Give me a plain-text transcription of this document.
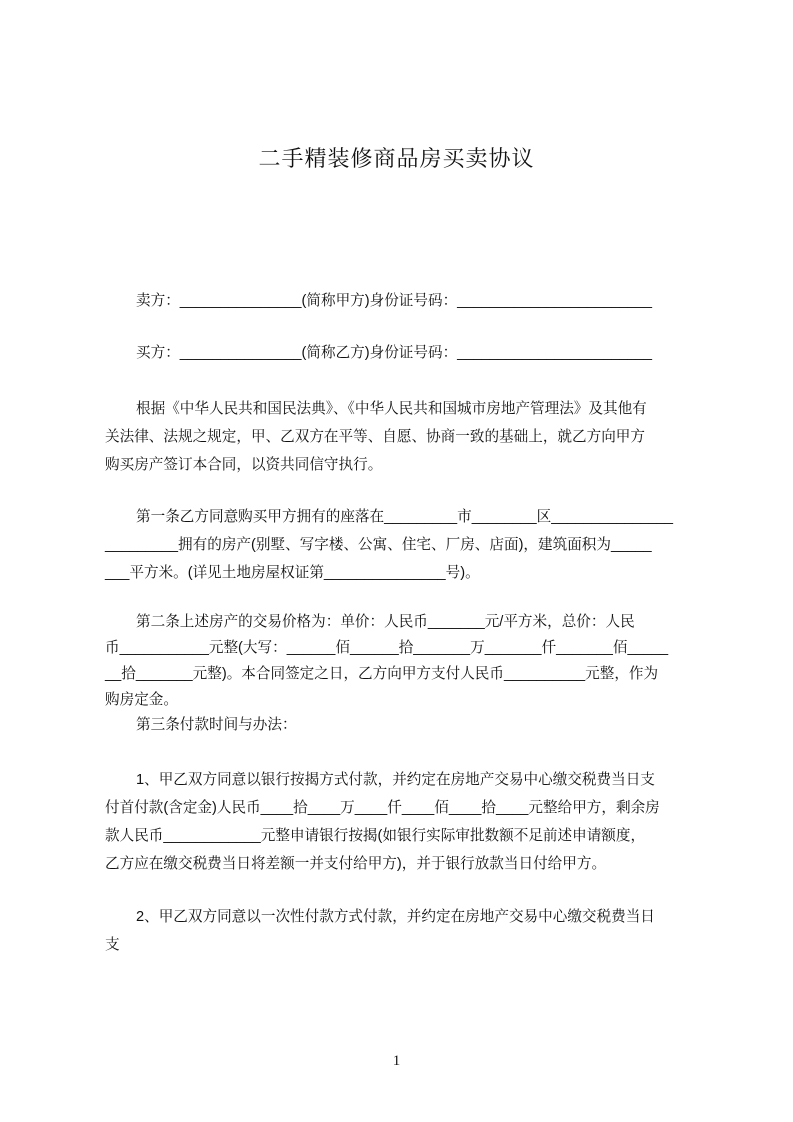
二手精装修商品房买卖协议
卖方：_______________(简称甲方)身份证号码：________________________
买方：_______________(简称乙方)身份证号码：________________________
根据《中华人民共和国民法典》、《中华人民共和国城市房地产管理法》及其他有
关法律、法规之规定，甲、乙双方在平等、自愿、协商一致的基础上，就乙方向甲方
购买房产签订本合同，以资共同信守执行。
第一条乙方同意购买甲方拥有的座落在_________市________区_______________
_________拥有的房产(别墅、写字楼、公寓、住宅、厂房、店面)，建筑面积为_____
___平方米。(详见土地房屋权证第_______________号)。
第二条上述房产的交易价格为：单价：人民币_______元/平方米，总价：人民
币___________元整(大写：______佰______拾_______万_______仟_______佰_____
__拾_______元整)。本合同签定之日，乙方向甲方支付人民币__________元整，作为
购房定金。
第三条付款时间与办法：
1、甲乙双方同意以银行按揭方式付款，并约定在房地产交易中心缴交税费当日支
付首付款(含定金)人民币____拾____万____仟____佰____拾____元整给甲方，剩余房
款人民币____________元整申请银行按揭(如银行实际审批数额不足前述申请额度，
乙方应在缴交税费当日将差额一并支付给甲方)，并于银行放款当日付给甲方。
2、甲乙双方同意以一次性付款方式付款，并约定在房地产交易中心缴交税费当日
支
1
